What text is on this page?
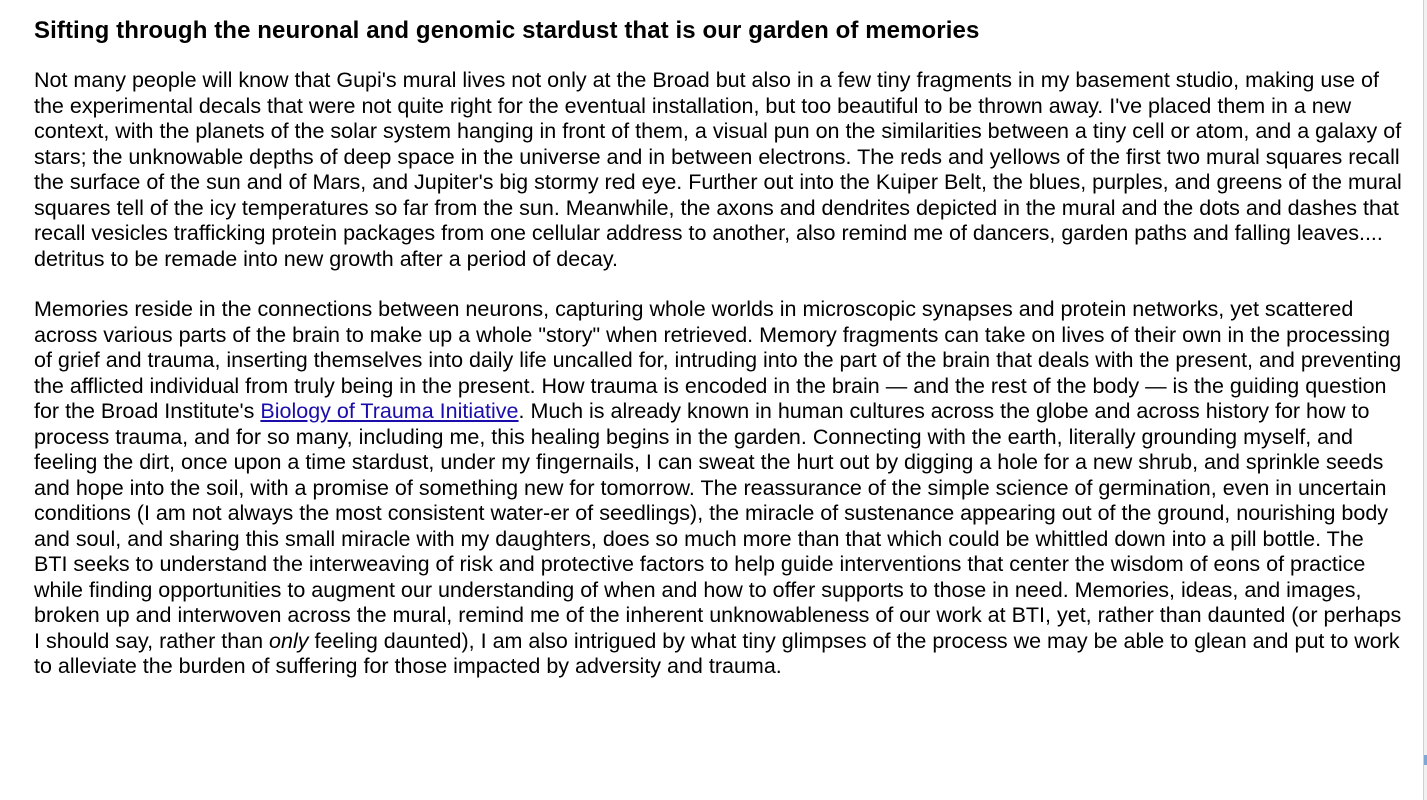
Sifting through the neuronal and genomic stardust that is our garden of memories

Not many people will know that Gupi's mural lives not only at the Broad but also in a few tiny fragments in my basement studio, making use of the experimental decals that were not quite right for the eventual installation, but too beautiful to be thrown away. I've placed them in a new context, with the planets of the solar system hanging in front of them, a visual pun on the similarities between a tiny cell or atom, and a galaxy of stars; the unknowable depths of deep space in the universe and in between electrons. The reds and yellows of the first two mural squares recall the surface of the sun and of Mars, and Jupiter's big stormy red eye. Further out into the Kuiper Belt, the blues, purples, and greens of the mural squares tell of the icy temperatures so far from the sun. Meanwhile, the axons and dendrites depicted in the mural and the dots and dashes that recall vesicles trafficking protein packages from one cellular address to another, also remind me of dancers, garden paths and falling leaves.... detritus to be remade into new growth after a period of decay.

Memories reside in the connections between neurons, capturing whole worlds in microscopic synapses and protein networks, yet scattered across various parts of the brain to make up a whole "story" when retrieved. Memory fragments can take on lives of their own in the processing of grief and trauma, inserting themselves into daily life uncalled for, intruding into the part of the brain that deals with the present, and preventing the afflicted individual from truly being in the present. How trauma is encoded in the brain — and the rest of the body — is the guiding question for the Broad Institute's Biology of Trauma Initiative. Much is already known in human cultures across the globe and across history for how to process trauma, and for so many, including me, this healing begins in the garden. Connecting with the earth, literally grounding myself, and feeling the dirt, once upon a time stardust, under my fingernails, I can sweat the hurt out by digging a hole for a new shrub, and sprinkle seeds and hope into the soil, with a promise of something new for tomorrow. The reassurance of the simple science of germination, even in uncertain conditions (I am not always the most consistent water-er of seedlings), the miracle of sustenance appearing out of the ground, nourishing body and soul, and sharing this small miracle with my daughters, does so much more than that which could be whittled down into a pill bottle. The BTI seeks to understand the interweaving of risk and protective factors to help guide interventions that center the wisdom of eons of practice while finding opportunities to augment our understanding of when and how to offer supports to those in need. Memories, ideas, and images, broken up and interwoven across the mural, remind me of the inherent unknowableness of our work at BTI, yet, rather than daunted (or perhaps I should say, rather than only feeling daunted), I am also intrigued by what tiny glimpses of the process we may be able to glean and put to work to alleviate the burden of suffering for those impacted by adversity and trauma.
